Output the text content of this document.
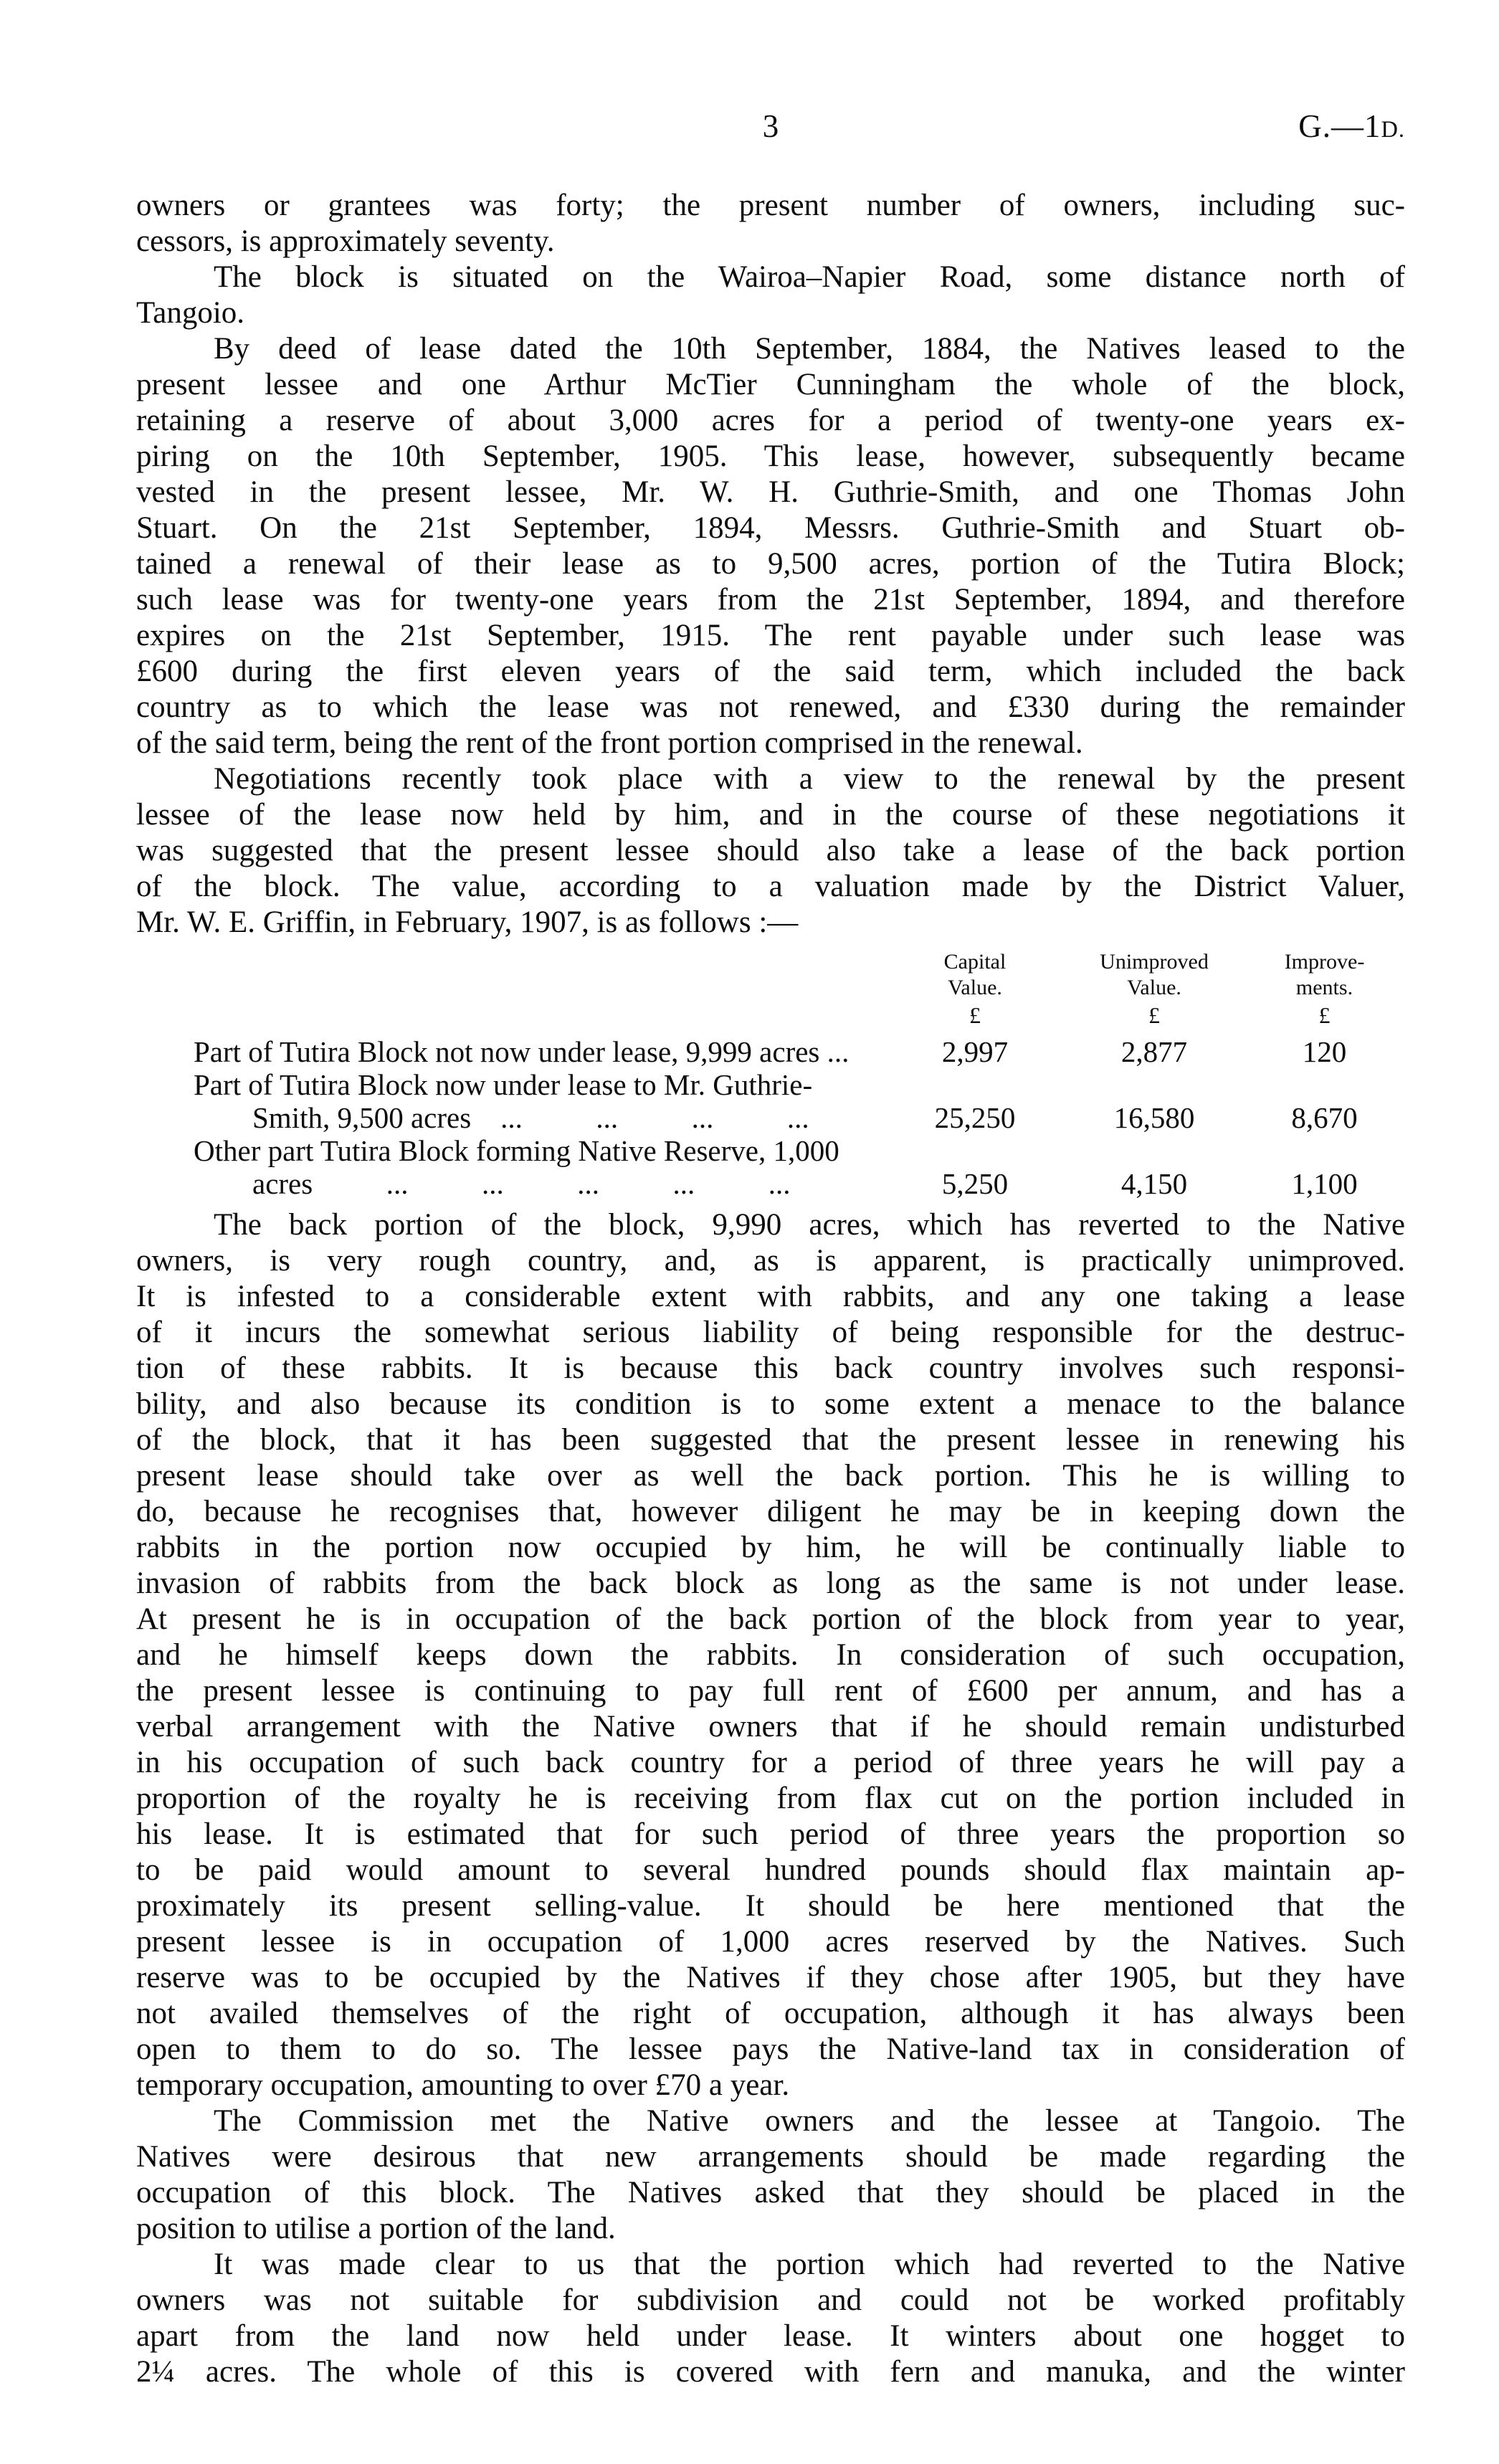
3	G.—1D.
owners or grantees was forty; the present number of owners, including suc-
cessors, is approximately seventy.
The block is situated on the Wairoa–Napier Road, some distance north of
Tangoio.
By deed of lease dated the 10th September, 1884, the Natives leased to the
present lessee and one Arthur McTier Cunningham the whole of the block,
retaining a reserve of about 3,000 acres for a period of twenty-one years ex-
piring on the 10th September, 1905. This lease, however, subsequently became
vested in the present lessee, Mr. W. H. Guthrie-Smith, and one Thomas John
Stuart. On the 21st September, 1894, Messrs. Guthrie-Smith and Stuart ob-
tained a renewal of their lease as to 9,500 acres, portion of the Tutira Block;
such lease was for twenty-one years from the 21st September, 1894, and therefore
expires on the 21st September, 1915. The rent payable under such lease was
£600 during the first eleven years of the said term, which included the back
country as to which the lease was not renewed, and £330 during the remainder
of the said term, being the rent of the front portion comprised in the renewal.
Negotiations recently took place with a view to the renewal by the present
lessee of the lease now held by him, and in the course of these negotiations it
was suggested that the present lessee should also take a lease of the back portion
of the block. The value, according to a valuation made by the District Valuer,
Mr. W. E. Griffin, in February, 1907, is as follows :—
Capital	Unimproved	Improve-
Value.	Value.	ments.
£	£	£
Part of Tutira Block not now under lease, 9,999 acres ...	2,997	2,877	120
Part of Tutira Block now under lease to Mr. Guthrie-
Smith, 9,500 acres ...   ...   ...   ...	25,250	16,580	8,670
Other part Tutira Block forming Native Reserve, 1,000
acres   ...   ...   ...   ...   ...	5,250	4,150	1,100
The back portion of the block, 9,990 acres, which has reverted to the Native
owners, is very rough country, and, as is apparent, is practically unimproved.
It is infested to a considerable extent with rabbits, and any one taking a lease
of it incurs the somewhat serious liability of being responsible for the destruc-
tion of these rabbits. It is because this back country involves such responsi-
bility, and also because its condition is to some extent a menace to the balance
of the block, that it has been suggested that the present lessee in renewing his
present lease should take over as well the back portion. This he is willing to
do, because he recognises that, however diligent he may be in keeping down the
rabbits in the portion now occupied by him, he will be continually liable to
invasion of rabbits from the back block as long as the same is not under lease.
At present he is in occupation of the back portion of the block from year to year,
and he himself keeps down the rabbits. In consideration of such occupation,
the present lessee is continuing to pay full rent of £600 per annum, and has a
verbal arrangement with the Native owners that if he should remain undisturbed
in his occupation of such back country for a period of three years he will pay a
proportion of the royalty he is receiving from flax cut on the portion included in
his lease. It is estimated that for such period of three years the proportion so
to be paid would amount to several hundred pounds should flax maintain ap-
proximately its present selling-value. It should be here mentioned that the
present lessee is in occupation of 1,000 acres reserved by the Natives. Such
reserve was to be occupied by the Natives if they chose after 1905, but they have
not availed themselves of the right of occupation, although it has always been
open to them to do so. The lessee pays the Native-land tax in consideration of
temporary occupation, amounting to over £70 a year.
The Commission met the Native owners and the lessee at Tangoio. The
Natives were desirous that new arrangements should be made regarding the
occupation of this block. The Natives asked that they should be placed in the
position to utilise a portion of the land.
It was made clear to us that the portion which had reverted to the Native
owners was not suitable for subdivision and could not be worked profitably
apart from the land now held under lease. It winters about one hogget to
2¼ acres. The whole of this is covered with fern and manuka, and the winter
